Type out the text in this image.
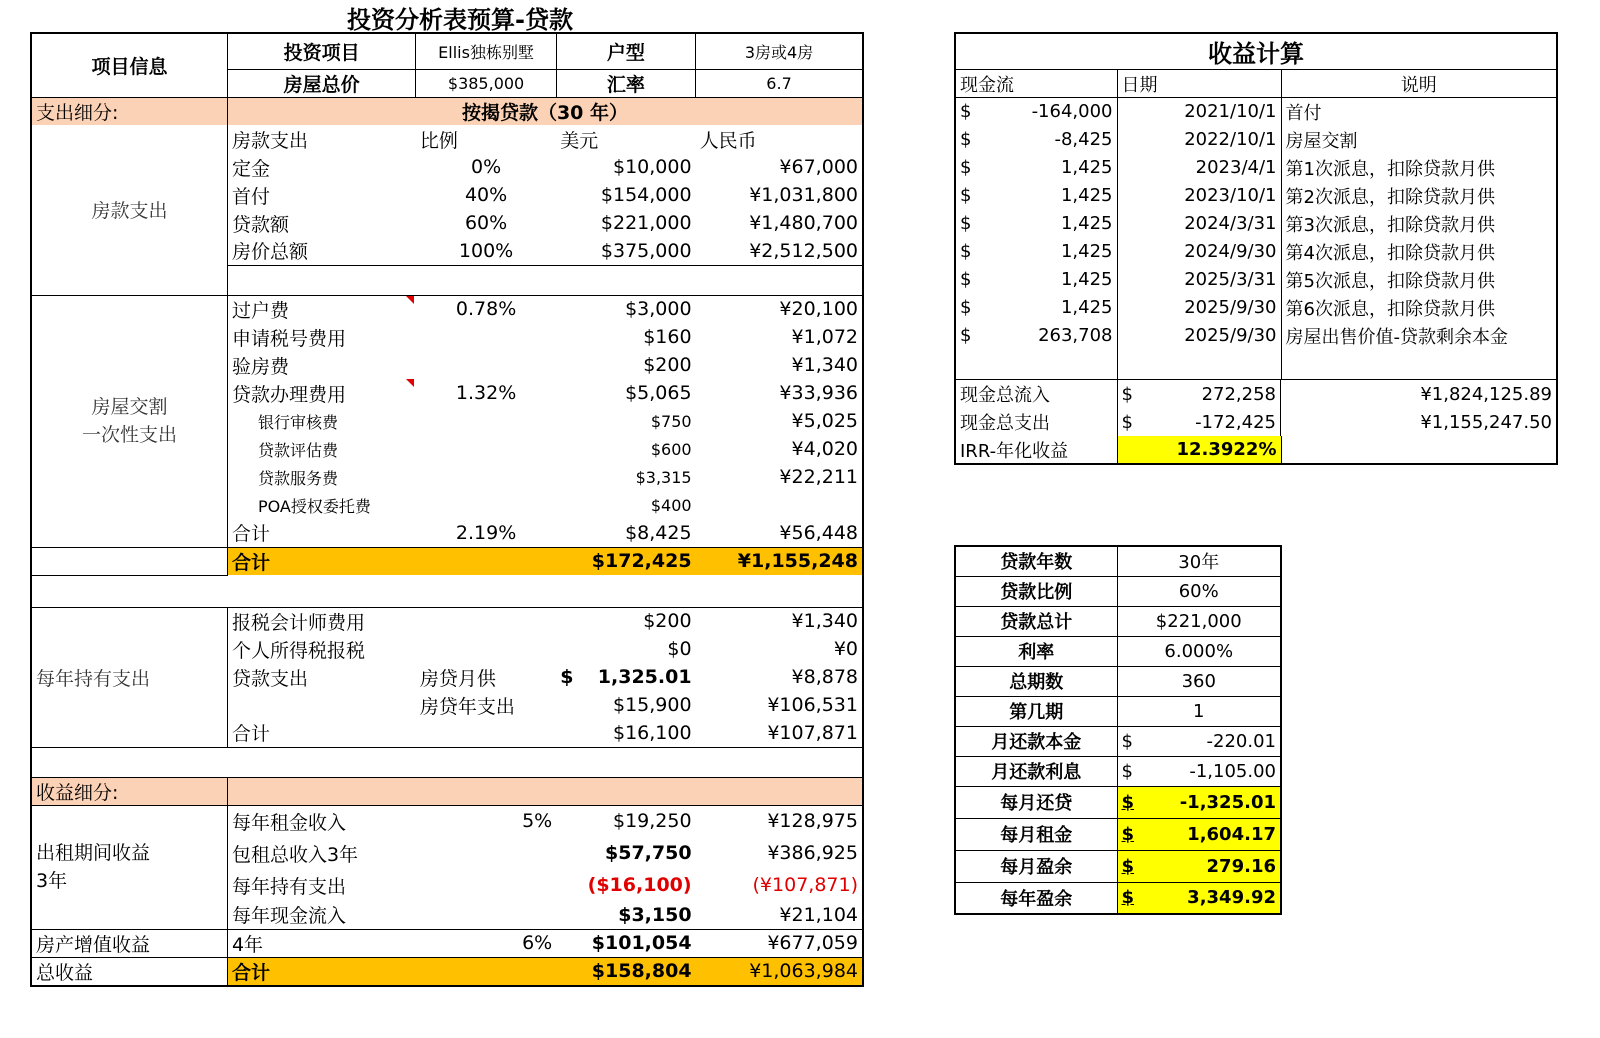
投资分析表预算-贷款
项目信息	投资项目	Ellis独栋别墅	户型	3房或4房
	房屋总价	$385,000	汇率	6.7
支出细分:	按揭贷款（30 年）			
房款支出	房款支出	比例	美元	人民币
	定金	0%	$10,000	¥67,000
	首付	40%	$154,000	¥1,031,800
	贷款额	60%	$221,000	¥1,480,700
	房价总额	100%	$375,000	¥2,512,500

房屋交割
一次性支出	过户费	0.78%	$3,000	¥20,100
	申请税号费用		$160	¥1,072
	验房费		$200	¥1,340
	贷款办理费用	1.32%	$5,065	¥33,936
	银行审核费		$750	¥5,025
	贷款评估费		$600	¥4,020
	贷款服务费		$3,315	¥22,211
	POA授权委托费		$400	
	合计	2.19%	$8,425	¥56,448
	合计		$172,425	¥1,155,248

每年持有支出	报税会计师费用		$200	¥1,340
	个人所得税报税		$0	¥0
	贷款支出	房贷月供		$ 1,325.01	¥8,878
		房贷年支出	$15,900	¥106,531
	合计		$16,100	¥107,871

收益细分:				
出租期间收益
3年	每年租金收入	5%	$19,250	¥128,975
	包租总收入3年		$57,750	¥386,925
	每年持有支出		($16,100)	(¥107,871)
	每年现金流入		$3,150	¥21,104
房产增值收益	4年	6%	$101,054	¥677,059
总收益	合计		$158,804	¥1,063,984
收益计算			
现金流		日期	说明
$	-164,000	2021/10/1	首付
$	-8,425	2022/10/1	房屋交割
$	1,425	2023/4/1	第1次派息，扣除贷款月供
$	1,425	2023/10/1	第2次派息，扣除贷款月供
$	1,425	2024/3/31	第3次派息，扣除贷款月供
$	1,425	2024/9/30	第4次派息，扣除贷款月供
$	1,425	2025/3/31	第5次派息，扣除贷款月供
$	1,425	2025/9/30	第6次派息，扣除贷款月供
$	263,708	2025/9/30	房屋出售价值-贷款剩余本金

现金总流入		$	272,258	¥1,824,125.89
现金总支出		$	-172,425	¥1,155,247.50
IRR-年化收益		12.3922%	
贷款年数	30年
贷款比例	60%
贷款总计	$221,000
利率	6.000%
总期数	360
第几期	1
月还款本金	$ -220.01

月还款利息	$ -1,105.00

每月还贷	$ -1,325.01

每月租金	$ 1,604.17

每月盈余	$ 279.16

每年盈余	$ 3,349.92
